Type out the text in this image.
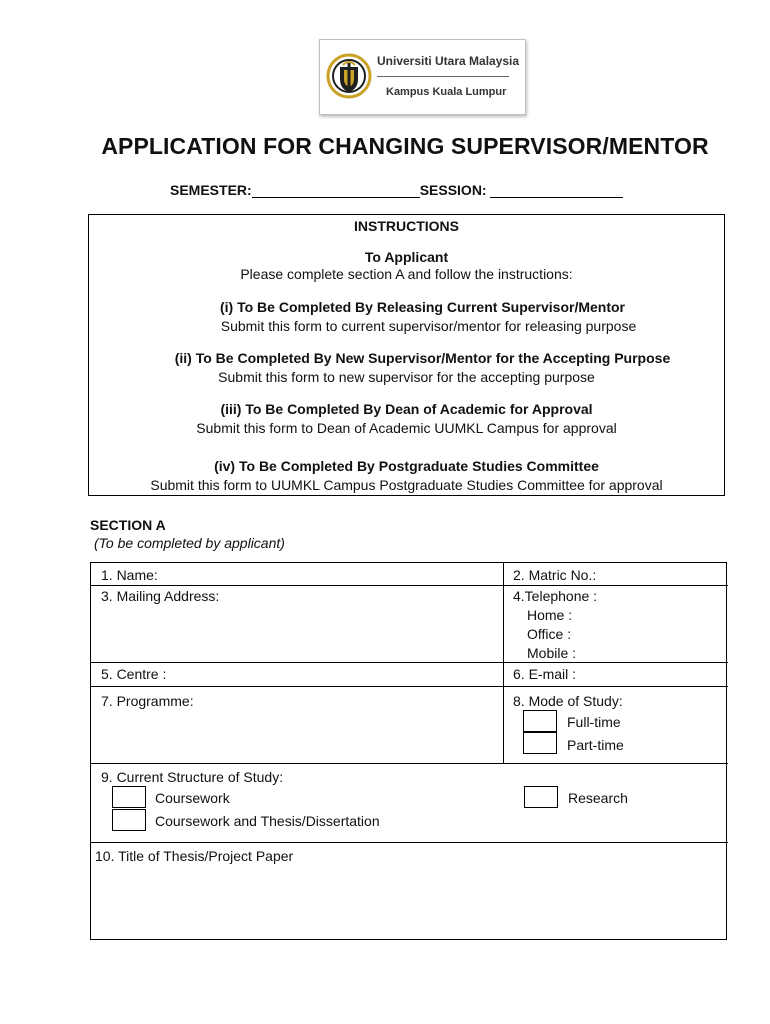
Universiti Utara Malaysia
Kampus Kuala Lumpur
APPLICATION FOR CHANGING SUPERVISOR/MENTOR
SEMESTER:	SESSION:
INSTRUCTIONS
To Applicant
Please complete section A and follow the instructions:
(i) To Be Completed By Releasing Current Supervisor/Mentor
Submit this form to current supervisor/mentor for releasing purpose
(ii) To Be Completed By New Supervisor/Mentor for the Accepting Purpose
Submit this form to new supervisor for the accepting purpose
(iii) To Be Completed By Dean of Academic for Approval
Submit this form to Dean of Academic UUMKL Campus for approval
(iv) To Be Completed By Postgraduate Studies Committee
Submit this form to UUMKL Campus Postgraduate Studies Committee for approval
SECTION A
(To be completed by applicant)
1. Name:
3. Mailing Address:
5. Centre :
7. Programme:
2. Matric No.:
4.Telephone :
Home :
Office :
Mobile :
6. E-mail :
8. Mode of Study:
Full-time
Part-time
9. Current Structure of Study:
Coursework
Coursework and Thesis/Dissertation
Research
10. Title of Thesis/Project Paper
